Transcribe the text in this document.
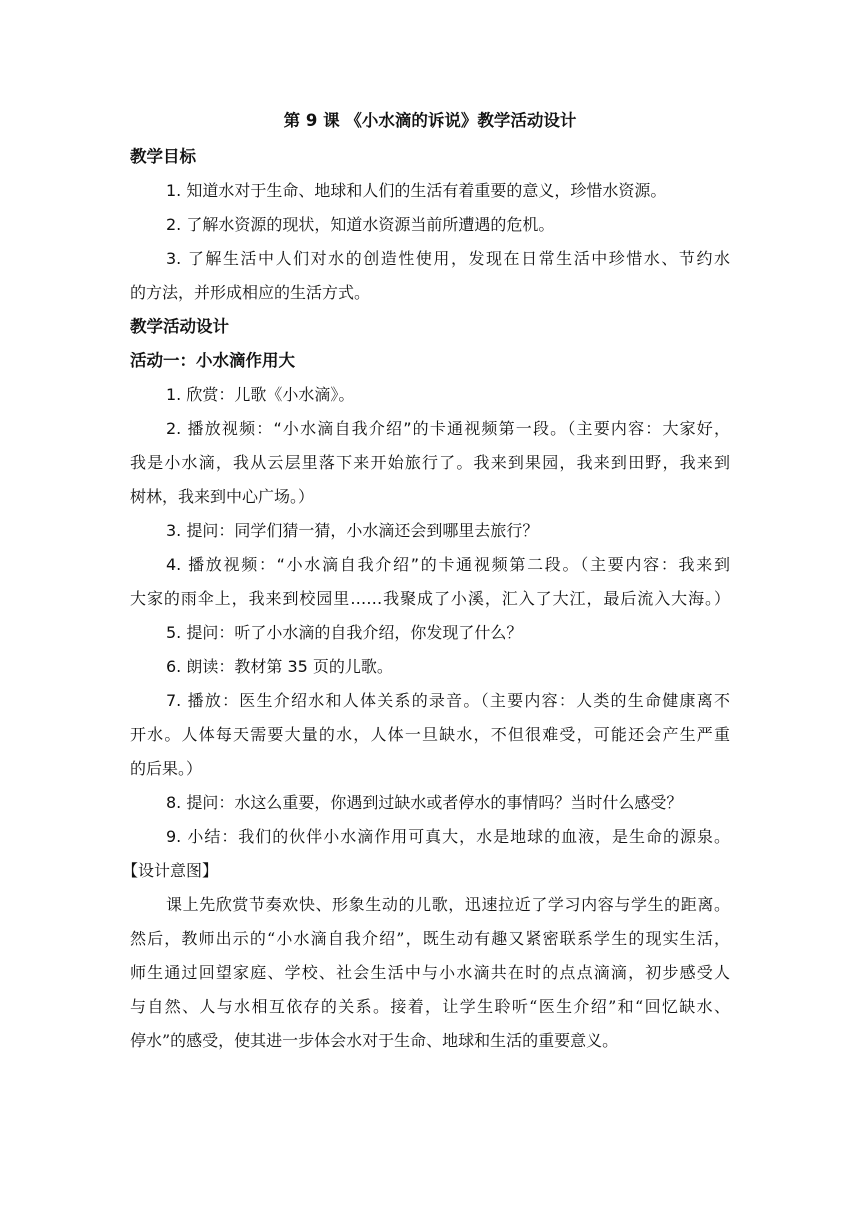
第 9 课 《小水滴的诉说》教学活动设计
教学目标
1. 知道水对于生命、地球和人们的生活有着重要的意义，珍惜水资源。
2. 了解水资源的现状，知道水资源当前所遭遇的危机。
3. 了解生活中人们对水的创造性使用，发现在日常生活中珍惜水、节约水
的方法，并形成相应的生活方式。
教学活动设计
活动一：小水滴作用大
1. 欣赏：儿歌《小水滴》。
2. 播放视频：“小水滴自我介绍”的卡通视频第一段。（主要内容：大家好，
我是小水滴，我从云层里落下来开始旅行了。我来到果园，我来到田野，我来到
树林，我来到中心广场。）
3. 提问：同学们猜一猜，小水滴还会到哪里去旅行？
4. 播放视频：“小水滴自我介绍”的卡通视频第二段。（主要内容：我来到
大家的雨伞上，我来到校园里……我聚成了小溪，汇入了大江，最后流入大海。）
5. 提问：听了小水滴的自我介绍，你发现了什么？
6. 朗读：教材第 35 页的儿歌。
7. 播放：医生介绍水和人体关系的录音。（主要内容：人类的生命健康离不
开水。人体每天需要大量的水，人体一旦缺水，不但很难受，可能还会产生严重
的后果。）
8. 提问：水这么重要，你遇到过缺水或者停水的事情吗？当时什么感受？
9. 小结：我们的伙伴小水滴作用可真大，水是地球的血液，是生命的源泉。
【设计意图】
课上先欣赏节奏欢快、形象生动的儿歌，迅速拉近了学习内容与学生的距离。
然后，教师出示的“小水滴自我介绍”，既生动有趣又紧密联系学生的现实生活，
师生通过回望家庭、学校、社会生活中与小水滴共在时的点点滴滴，初步感受人
与自然、人与水相互依存的关系。接着，让学生聆听“医生介绍”和“回忆缺水、
停水”的感受，使其进一步体会水对于生命、地球和生活的重要意义。
